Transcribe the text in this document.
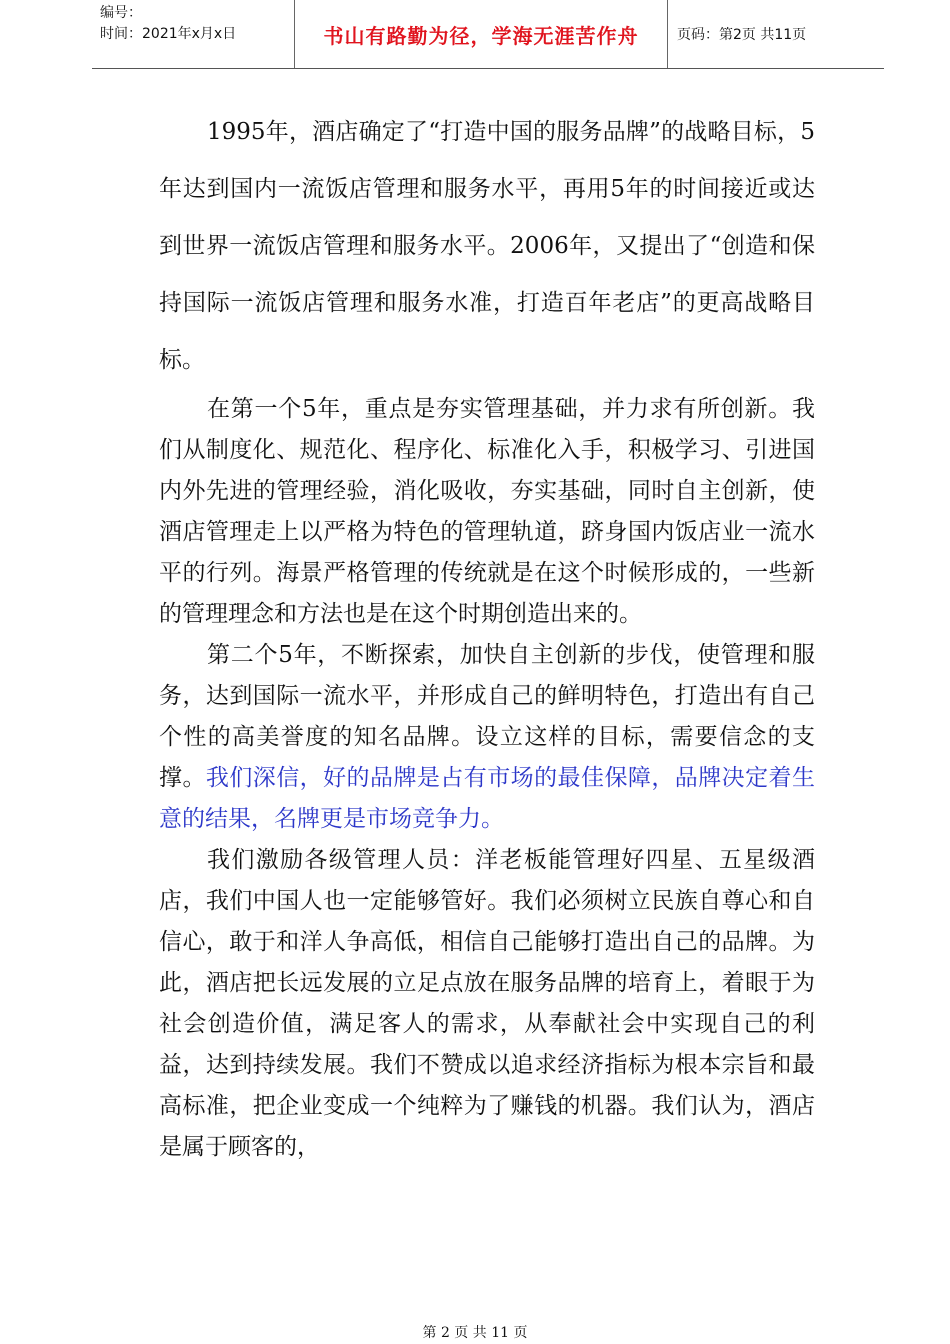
编号：
时间：2021年x月x日	书山有路勤为径，学海无涯苦作舟	页码：第2页 共11页

1995年，酒店确定了“打造中国的服务品牌”的战略目标，5年达到国内一流饭店管理和服务水平，再用5年的时间接近或达到世界一流饭店管理和服务水平。2006年，又提出了“创造和保持国际一流饭店管理和服务水准，打造百年老店”的更高战略目标。

在第一个5年，重点是夯实管理基础，并力求有所创新。我们从制度化、规范化、程序化、标准化入手，积极学习、引进国内外先进的管理经验，消化吸收，夯实基础，同时自主创新，使酒店管理走上以严格为特色的管理轨道，跻身国内饭店业一流水平的行列。海景严格管理的传统就是在这个时候形成的，一些新的管理理念和方法也是在这个时期创造出来的。

第二个5年，不断探索，加快自主创新的步伐，使管理和服务，达到国际一流水平，并形成自己的鲜明特色，打造出有自己个性的高美誉度的知名品牌。设立这样的目标，需要信念的支撑。我们深信，好的品牌是占有市场的最佳保障，品牌决定着生意的结果，名牌更是市场竞争力。

我们激励各级管理人员：洋老板能管理好四星、五星级酒店，我们中国人也一定能够管好。我们必须树立民族自尊心和自信心，敢于和洋人争高低，相信自己能够打造出自己的品牌。为此，酒店把长远发展的立足点放在服务品牌的培育上，着眼于为社会创造价值，满足客人的需求，从奉献社会中实现自己的利益，达到持续发展。我们不赞成以追求经济指标为根本宗旨和最高标准，把企业变成一个纯粹为了赚钱的机器。我们认为，酒店是属于顾客的，

第 2 页 共 11 页
